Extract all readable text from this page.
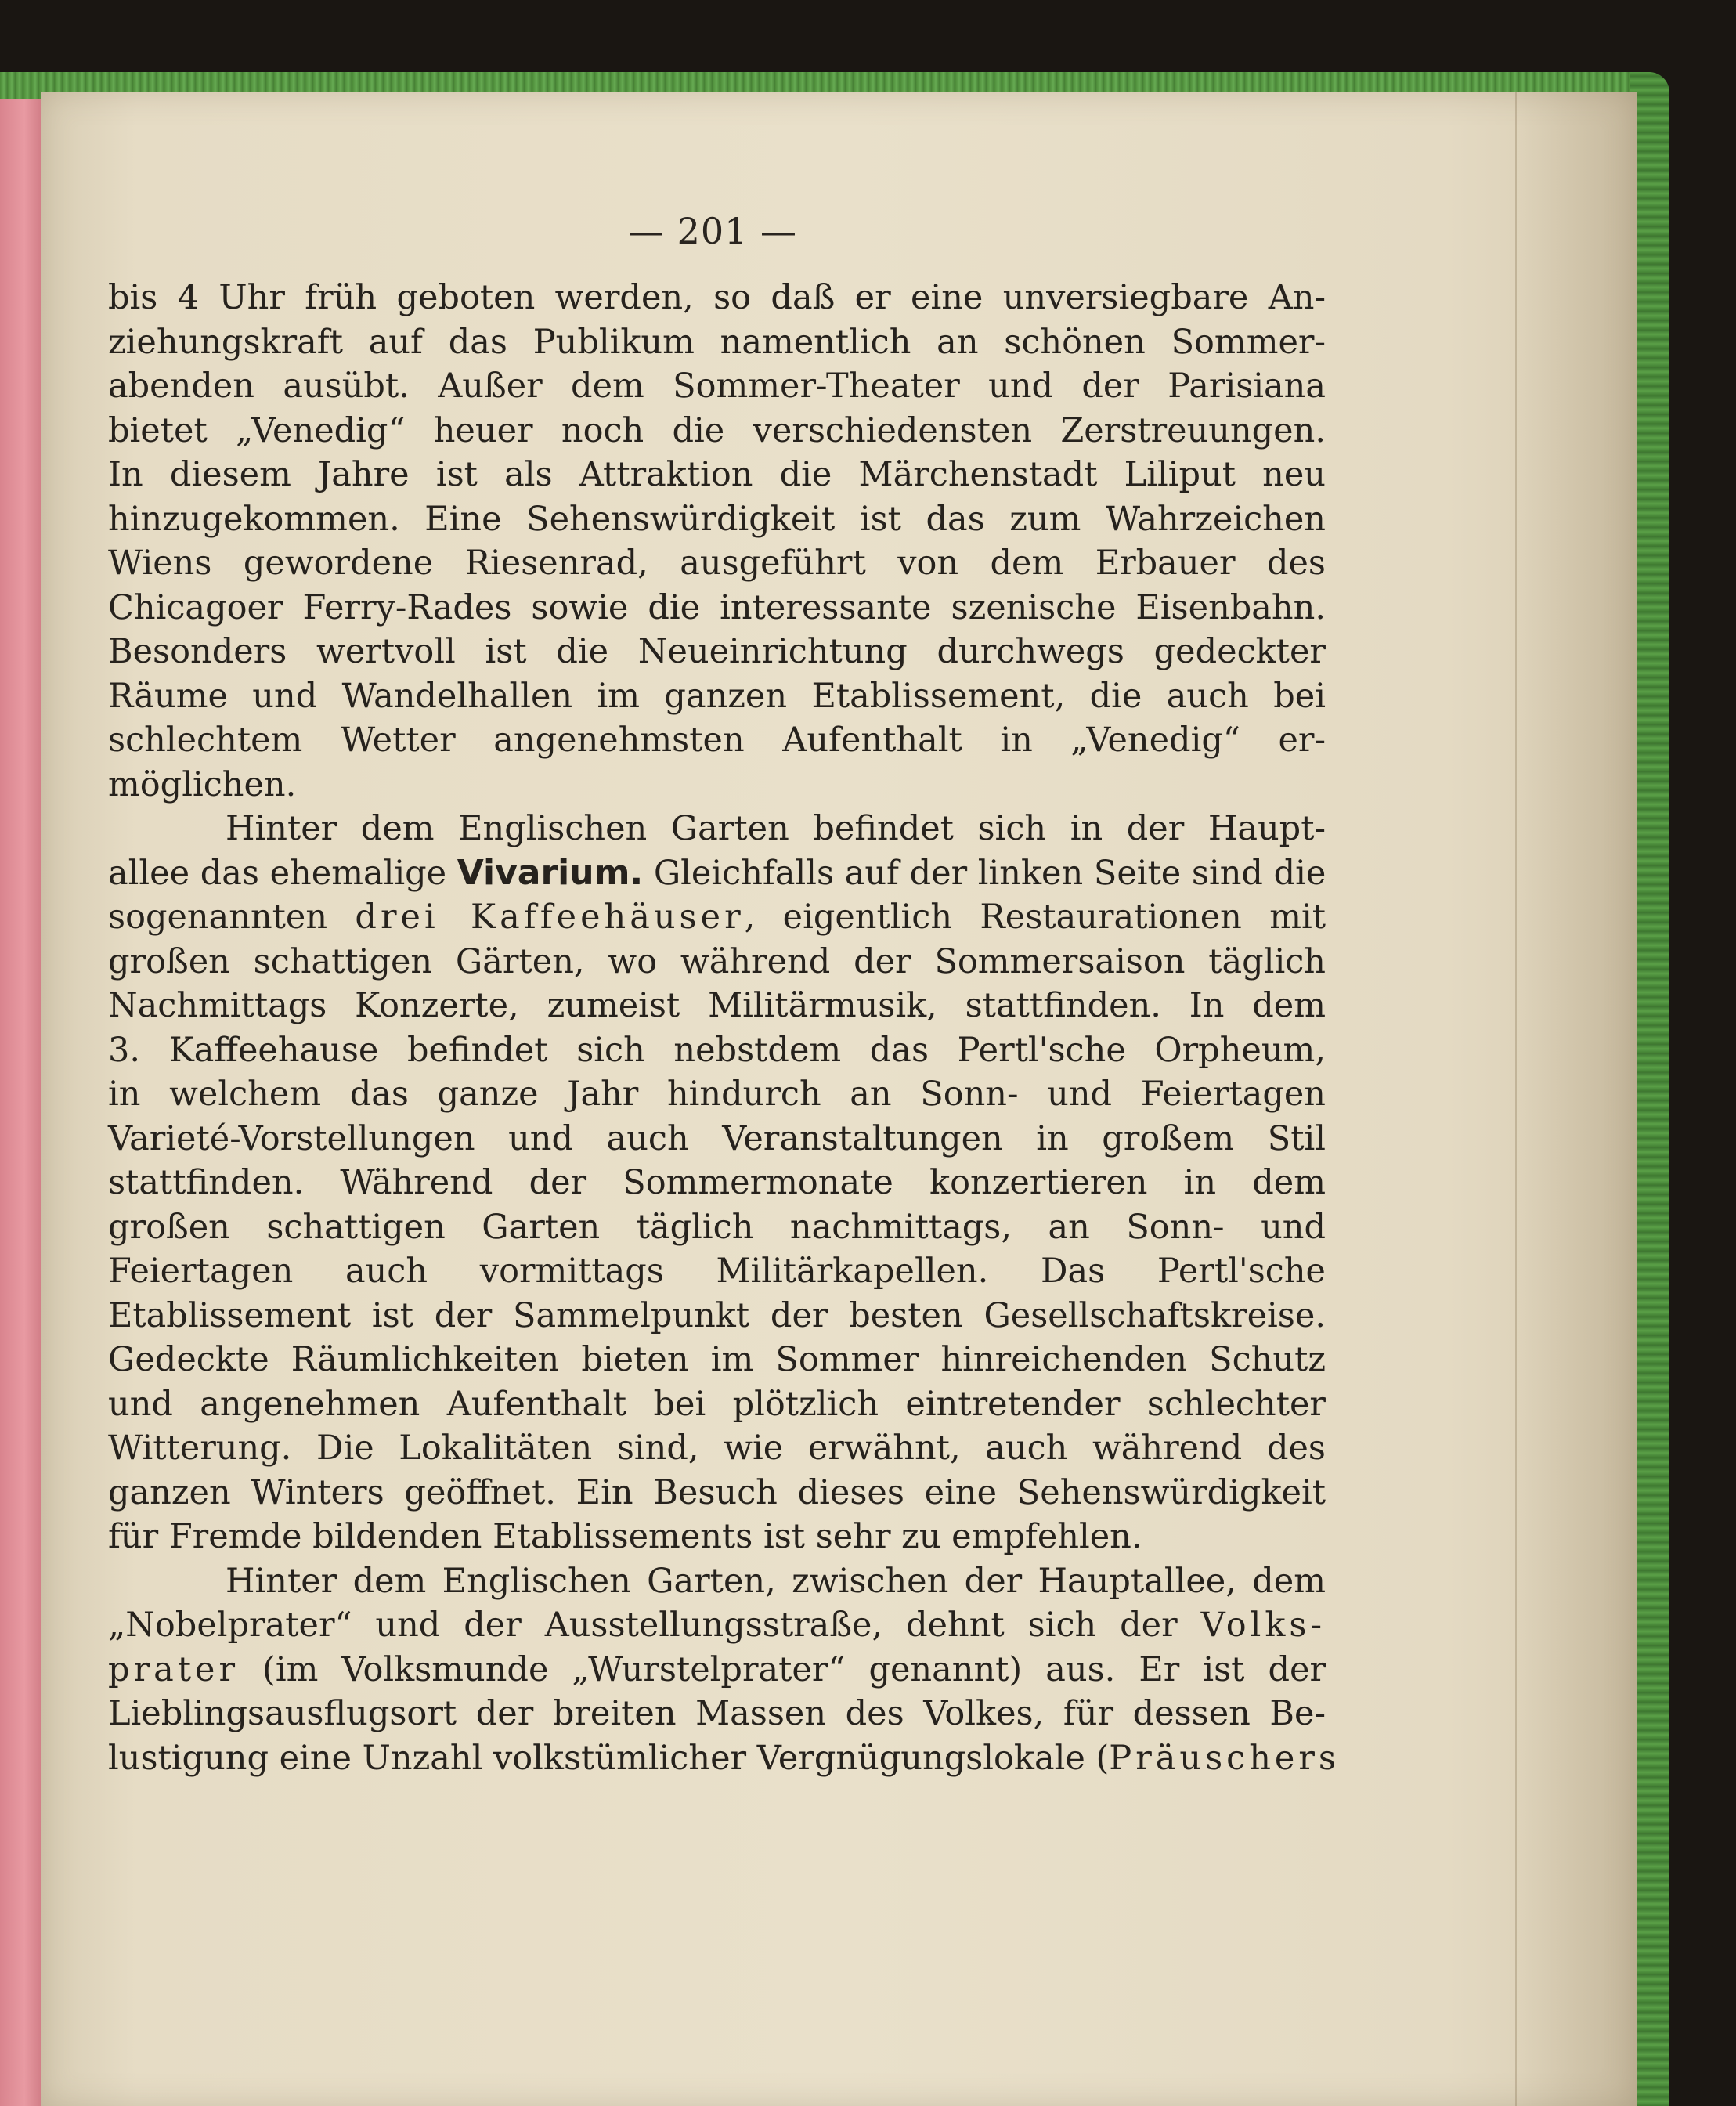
— 201 —
bis 4 Uhr früh geboten werden, so daß er eine unversiegbare An-
ziehungskraft auf das Publikum namentlich an schönen Sommer-
abenden ausübt. Außer dem Sommer-Theater und der Parisiana
bietet „Venedig“ heuer noch die verschiedensten Zerstreuungen.
In diesem Jahre ist als Attraktion die Märchenstadt Liliput neu
hinzugekommen. Eine Sehenswürdigkeit ist das zum Wahrzeichen
Wiens gewordene Riesenrad, ausgeführt von dem Erbauer des
Chicagoer Ferry-Rades sowie die interessante szenische Eisenbahn.
Besonders wertvoll ist die Neueinrichtung durchwegs gedeckter
Räume und Wandelhallen im ganzen Etablissement, die auch bei
schlechtem Wetter angenehmsten Aufenthalt in „Venedig“ er-
möglichen.
Hinter dem Englischen Garten befindet sich in der Haupt-
allee das ehemalige Vivarium. Gleichfalls auf der linken Seite sind die
sogenannten drei Kaffeehäuser, eigentlich Restaurationen mit
großen schattigen Gärten, wo während der Sommersaison täglich
Nachmittags Konzerte, zumeist Militärmusik, stattfinden. In dem
3. Kaffeehause befindet sich nebstdem das Pertl'sche Orpheum,
in welchem das ganze Jahr hindurch an Sonn- und Feiertagen
Varieté-Vorstellungen und auch Veranstaltungen in großem Stil
stattfinden. Während der Sommermonate konzertieren in dem
großen schattigen Garten täglich nachmittags, an Sonn- und
Feiertagen auch vormittags Militärkapellen. Das Pertl'sche
Etablissement ist der Sammelpunkt der besten Gesellschaftskreise.
Gedeckte Räumlichkeiten bieten im Sommer hinreichenden Schutz
und angenehmen Aufenthalt bei plötzlich eintretender schlechter
Witterung. Die Lokalitäten sind, wie erwähnt, auch während des
ganzen Winters geöffnet. Ein Besuch dieses eine Sehenswürdigkeit
für Fremde bildenden Etablissements ist sehr zu empfehlen.
Hinter dem Englischen Garten, zwischen der Hauptallee, dem
„Nobelprater“ und der Ausstellungsstraße, dehnt sich der Volks-
prater (im Volksmunde „Wurstelprater“ genannt) aus. Er ist der
Lieblingsausflugsort der breiten Massen des Volkes, für dessen Be-
lustigung eine Unzahl volkstümlicher Vergnügungslokale (Präuschers
